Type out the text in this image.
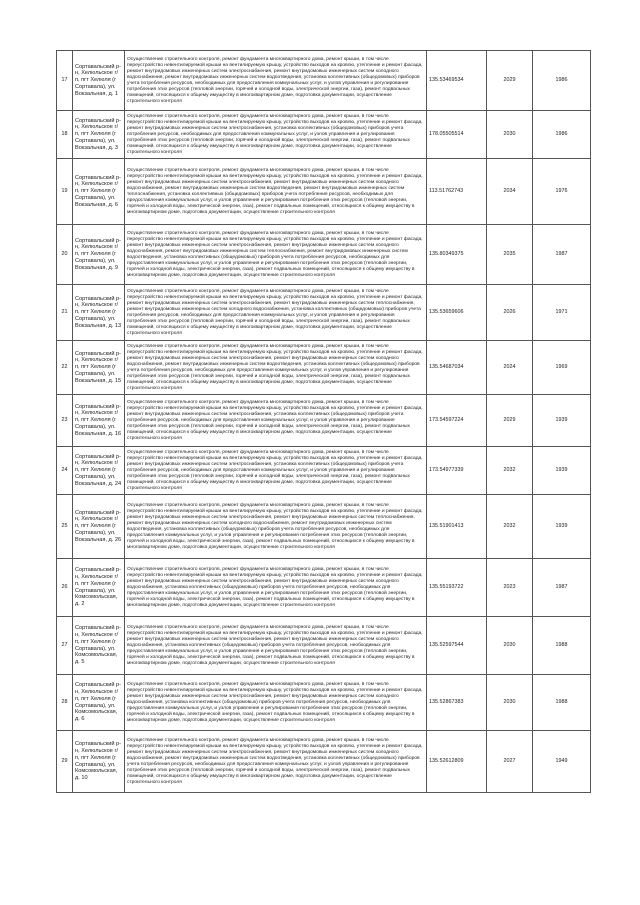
17	Сортавальский р-н, Хелюльское г/п, пгт Хелюля (г Сортавала), ул. Вокзальная, д. 1	Осуществление строительного контроля, ремонт фундамента многоквартирного дома, ремонт крыши, в том числе переустройство невентилируемой крыши на вентилируемую крышу, устройство выходов на кровлю, утепление и ремонт фасада, ремонт внутридомовых инженерных систем электроснабжения, ремонт внутридомовых инженерных систем холодного водоснабжения, ремонт внутридомовых инженерных систем водоотведения, установка коллективных (общедомовых) приборов учета потребления ресурсов, необходимых для предоставления коммунальных услуг, и узлов управления и регулирования потребления этих ресурсов (тепловой энергии, горячей и холодной воды, электрической энергии, газа), ремонт подвальных помещений, относящихся к общему имуществу в многоквартирном доме, подготовка документации, осуществление строительного контроля	135.53469534	2029	1986
18	Сортавальский р-н, Хелюльское г/п, пгт Хелюля (г Сортавала), ул. Вокзальная, д. 3	Осуществление строительного контроля, ремонт фундамента многоквартирного дома, ремонт крыши, в том числе переустройство невентилируемой крыши на вентилируемую крышу, устройство выходов на кровлю, утепление и ремонт фасада, ремонт внутридомовых инженерных систем электроснабжения, установка коллективных (общедомовых) приборов учета потребления ресурсов, необходимых для предоставления коммунальных услуг, и узлов управления и регулирования потребления этих ресурсов (тепловой энергии, горячей и холодной воды, электрической энергии, газа), ремонт подвальных помещений, относящихся к общему имуществу в многоквартирном доме, подготовка документации, осуществление строительного контроля	178.05505514	2030	1986
19	Сортавальский р-н, Хелюльское г/п, пгт Хелюля (г Сортавала), ул. Вокзальная, д. 6	Осуществление строительного контроля, ремонт фундамента многоквартирного дома, ремонт крыши, в том числе переустройство невентилируемой крыши на вентилируемую крышу, устройство выходов на кровлю, утепление и ремонт фасада, ремонт внутридомовых инженерных систем электроснабжения, ремонт внутридомовых инженерных систем холодного водоснабжения, ремонт внутридомовых инженерных систем водоотведения, ремонт внутридомовых инженерных систем теплоснабжения, установка коллективных (общедомовых) приборов учета потребления ресурсов, необходимых для предоставления коммунальных услуг, и узлов управления и регулирования потребления этих ресурсов (тепловой энергии, горячей и холодной воды, электрической энергии, газа), ремонт подвальных помещений, относящихся к общему имуществу в многоквартирном доме, подготовка документации, осуществление строительного контроля	113.51762743	2034	1976
20	Сортавальский р-н, Хелюльское г/п, пгт Хелюля (г Сортавала), ул. Вокзальная, д. 9	Осуществление строительного контроля, ремонт фундамента многоквартирного дома, ремонт крыши, в том числе переустройство невентилируемой крыши на вентилируемую крышу, устройство выходов на кровлю, утепление и ремонт фасада, ремонт внутридомовых инженерных систем электроснабжения, ремонт внутридомовых инженерных систем холодного водоснабжения, ремонт внутридомовых инженерных систем теплоснабжения, ремонт внутридомовых инженерных систем водоотведения, установка коллективных (общедомовых) приборов учета потребления ресурсов, необходимых для предоставления коммунальных услуг, и узлов управления и регулирования потребления этих ресурсов (тепловой энергии, горячей и холодной воды, электрической энергии, газа), ремонт подвальных помещений, относящихся к общему имуществу в многоквартирном доме, подготовка документации, осуществление строительного контроля	135.80349375	2035	1987
21	Сортавальский р-н, Хелюльское г/п, пгт Хелюля (г Сортавала), ул. Вокзальная, д. 13	Осуществление строительного контроля, ремонт фундамента многоквартирного дома, ремонт крыши, в том числе переустройство невентилируемой крыши на вентилируемую крышу, устройство выходов на кровлю, утепление и ремонт фасада, ремонт внутридомовых инженерных систем электроснабжения, ремонт внутридомовых инженерных систем теплоснабжения, ремонт внутридомовых инженерных систем холодного водоснабжения, установка коллективных (общедомовых) приборов учета потребления ресурсов, необходимых для предоставления коммунальных услуг, и узлов управления и регулирования потребления этих ресурсов (тепловой энергии, горячей и холодной воды, электрической энергии, газа), ремонт подвальных помещений, относящихся к общему имуществу в многоквартирном доме, подготовка документации, осуществление строительного контроля	135.53659606	2026	1971
22	Сортавальский р-н, Хелюльское г/п, пгт Хелюля (г Сортавала), ул. Вокзальная, д. 15	Осуществление строительного контроля, ремонт фундамента многоквартирного дома, ремонт крыши, в том числе переустройство невентилируемой крыши на вентилируемую крышу, устройство выходов на кровлю, утепление и ремонт фасада, ремонт внутридомовых инженерных систем электроснабжения, ремонт внутридомовых инженерных систем холодного водоснабжения, ремонт внутридомовых инженерных систем водоотведения, установка коллективных (общедомовых) приборов учета потребления ресурсов, необходимых для предоставления коммунальных услуг, и узлов управления и регулирования потребления этих ресурсов (тепловой энергии, горячей и холодной воды, электрической энергии, газа), ремонт подвальных помещений, относящихся к общему имуществу в многоквартирном доме, подготовка документации, осуществление строительного контроля	135.54687034	2024	1969
23	Сортавальский р-н, Хелюльское г/п, пгт Хелюля (г Сортавала), ул. Вокзальная, д. 16	Осуществление строительного контроля, ремонт фундамента многоквартирного дома, ремонт крыши, в том числе переустройство невентилируемой крыши на вентилируемую крышу, устройство выходов на кровлю, утепление и ремонт фасада, ремонт внутридомовых инженерных систем электроснабжения, установка коллективных (общедомовых) приборов учета потребления ресурсов, необходимых для предоставления коммунальных услуг, и узлов управления и регулирования потребления этих ресурсов (тепловой энергии, горячей и холодной воды, электрической энергии, газа), ремонт подвальных помещений, относящихся к общему имуществу в многоквартирном доме, подготовка документации, осуществление строительного контроля	173.54597224	2029	1939
24	Сортавальский р-н, Хелюльское г/п, пгт Хелюля (г Сортавала), ул. Вокзальная, д. 24	Осуществление строительного контроля, ремонт фундамента многоквартирного дома, ремонт крыши, в том числе переустройство невентилируемой крыши на вентилируемую крышу, устройство выходов на кровлю, утепление и ремонт фасада, ремонт внутридомовых инженерных систем электроснабжения, установка коллективных (общедомовых) приборов учета потребления ресурсов, необходимых для предоставления коммунальных услуг, и узлов управления и регулирования потребления этих ресурсов (тепловой энергии, горячей и холодной воды, электрической энергии, газа), ремонт подвальных помещений, относящихся к общему имуществу в многоквартирном доме, подготовка документации, осуществление строительного контроля	173.54977339	2032	1939
25	Сортавальский р-н, Хелюльское г/п, пгт Хелюля (г Сортавала), ул. Вокзальная, д. 26	Осуществление строительного контроля, ремонт фундамента многоквартирного дома, ремонт крыши, в том числе переустройство невентилируемой крыши на вентилируемую крышу, устройство выходов на кровлю, утепление и ремонт фасада, ремонт внутридомовых инженерных систем электроснабжения, ремонт внутридомовых инженерных систем теплоснабжения, ремонт внутридомовых инженерных систем холодного водоснабжения, ремонт внутридомовых инженерных систем водоотведения, установка коллективных (общедомовых) приборов учета потребления ресурсов, необходимых для предоставления коммунальных услуг, и узлов управления и регулирования потребления этих ресурсов (тепловой энергии, горячей и холодной воды, электрической энергии, газа), ремонт подвальных помещений, относящихся к общему имуществу в многоквартирном доме, подготовка документации, осуществление строительного контроля	135.51901413	2032	1939
26	Сортавальский р-н, Хелюльское г/п, пгт Хелюля (г Сортавала), ул. Комсомольская, д. 2	Осуществление строительного контроля, ремонт фундамента многоквартирного дома, ремонт крыши, в том числе переустройство невентилируемой крыши на вентилируемую крышу, устройство выходов на кровлю, утепление и ремонт фасада, ремонт внутридомовых инженерных систем электроснабжения, ремонт внутридомовых инженерных систем холодного водоснабжения, установка коллективных (общедомовых) приборов учета потребления ресурсов, необходимых для предоставления коммунальных услуг, и узлов управления и регулирования потребления этих ресурсов (тепловой энергии, горячей и холодной воды, электрической энергии, газа), ремонт подвальных помещений, относящихся к общему имуществу в многоквартирном доме, подготовка документации, осуществление строительного контроля	135.55193722	2023	1987
27	Сортавальский р-н, Хелюльское г/п, пгт Хелюля (г Сортавала), ул. Комсомольская, д. 5	Осуществление строительного контроля, ремонт фундамента многоквартирного дома, ремонт крыши, в том числе переустройство невентилируемой крыши на вентилируемую крышу, устройство выходов на кровлю, утепление и ремонт фасада, ремонт внутридомовых инженерных систем электроснабжения, ремонт внутридомовых инженерных систем холодного водоснабжения, установка коллективных (общедомовых) приборов учета потребления ресурсов, необходимых для предоставления коммунальных услуг, и узлов управления и регулирования потребления этих ресурсов (тепловой энергии, горячей и холодной воды, электрической энергии, газа), ремонт подвальных помещений, относящихся к общему имуществу в многоквартирном доме, подготовка документации, осуществление строительного контроля	135.52597544	2030	1988
28	Сортавальский р-н, Хелюльское г/п, пгт Хелюля (г Сортавала), ул. Комсомольская, д. 6	Осуществление строительного контроля, ремонт фундамента многоквартирного дома, ремонт крыши, в том числе переустройство невентилируемой крыши на вентилируемую крышу, устройство выходов на кровлю, утепление и ремонт фасада, ремонт внутридомовых инженерных систем электроснабжения, ремонт внутридомовых инженерных систем холодного водоснабжения, установка коллективных (общедомовых) приборов учета потребления ресурсов, необходимых для предоставления коммунальных услуг, и узлов управления и регулирования потребления этих ресурсов (тепловой энергии, горячей и холодной воды, электрической энергии, газа), ремонт подвальных помещений, относящихся к общему имуществу в многоквартирном доме, подготовка документации, осуществление строительного контроля	135.52867383	2030	1988
29	Сортавальский р-н, Хелюльское г/п, пгт Хелюля (г Сортавала), ул. Комсомольская, д. 10	Осуществление строительного контроля, ремонт фундамента многоквартирного дома, ремонт крыши, в том числе переустройство невентилируемой крыши на вентилируемую крышу, устройство выходов на кровлю, утепление и ремонт фасада, ремонт внутридомовых инженерных систем электроснабжения, ремонт внутридомовых инженерных систем холодного водоснабжения, ремонт внутридомовых инженерных систем водоотведения, установка коллективных (общедомовых) приборов учета потребления ресурсов, необходимых для предоставления коммунальных услуг, и узлов управления и регулирования потребления этих ресурсов (тепловой энергии, горячей и холодной воды, электрической энергии, газа), ремонт подвальных помещений, относящихся к общему имуществу в многоквартирном доме, подготовка документации, осуществление строительного контроля	135.52612809	2027	1949
